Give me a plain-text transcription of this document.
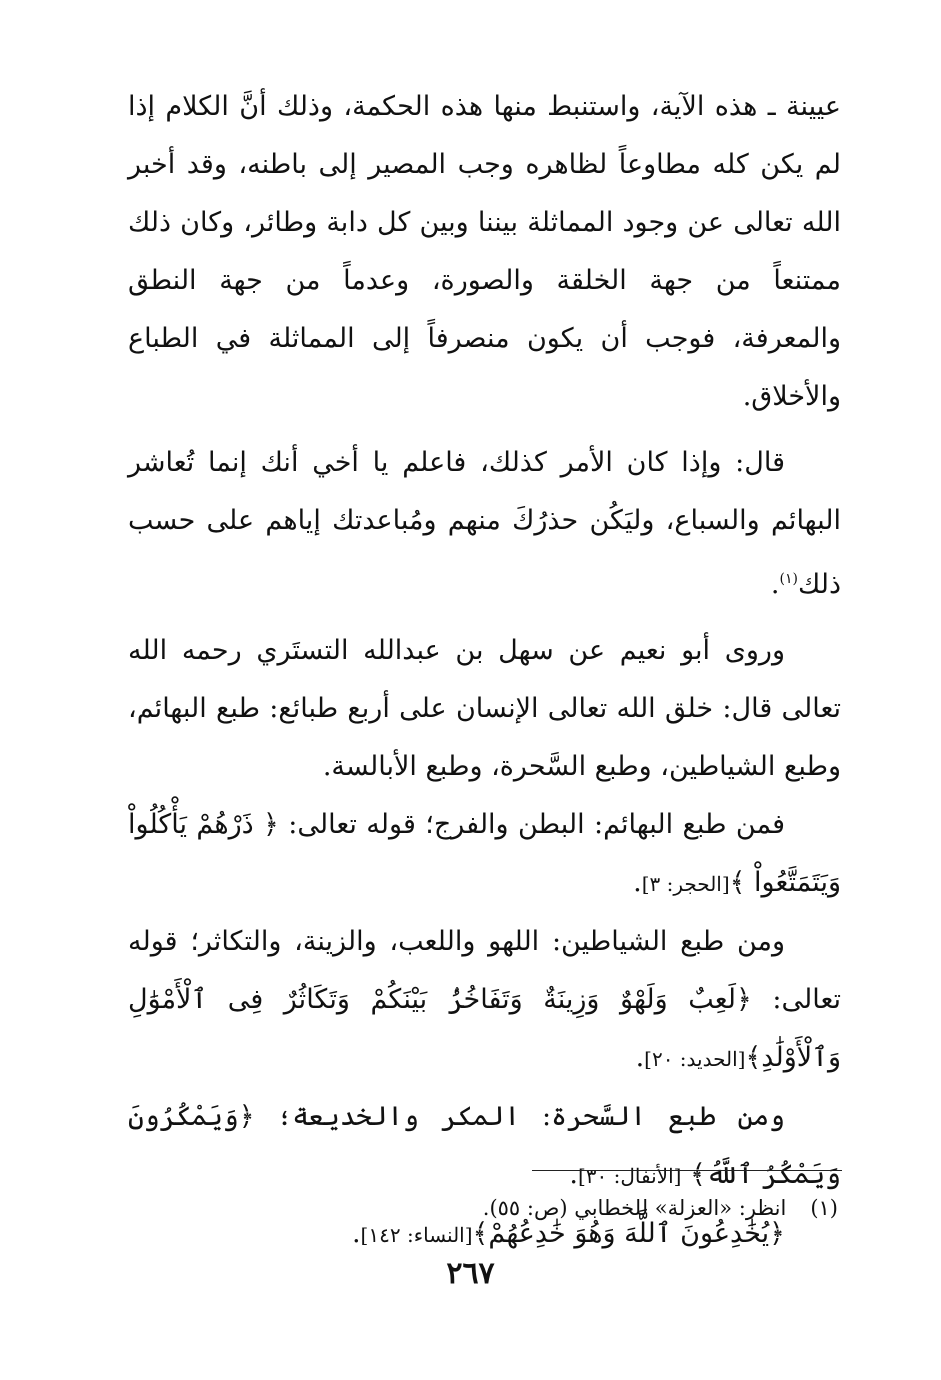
عيينة ـ هذه الآية، واستنبط منها هذه الحكمة، وذلك أنَّ الكلام إذا لم يكن كله مطاوعاً لظاهره وجب المصير إلى باطنه، وقد أخبر الله تعالى عن وجود المماثلة بيننا وبين كل دابة وطائر، وكان ذلك ممتنعاً من جهة الخلقة والصورة، وعدماً من جهة النطق والمعرفة، فوجب أن يكون منصرفاً إلى المماثلة في الطباع والأخلاق.

قال: وإذا كان الأمر كذلك، فاعلم يا أخي أنك إنما تُعاشر البهائم والسباع، وليَكُن حذرُكَ منهم ومُباعدتك إياهم على حسب ذلك$^{(١)}$.

وروى أبو نعيم عن سهل بن عبدالله التستَري رحمه الله تعالى قال: خلق الله تعالى الإنسان على أربع طبائع: طبع البهائم، وطبع الشياطين، وطبع السَّحرة، وطبع الأبالسة.

فمن طبع البهائم: البطن والفرج؛ قوله تعالى: ﴿ ذَرْهُمْ يَأْكُلُواْ وَيَتَمَتَّعُواْ ﴾[الحجر: ٣].

ومن طبع الشياطين: اللهو واللعب، والزينة، والتكاثر؛ قوله تعالى: ﴿لَعِبٌ وَلَهْوٌ وَزِينَةٌ وَتَفَاخُرُۢ بَيْنَكُمْ وَتَكَاثُرٌ فِى ٱلْأَمْوَٰلِ وَٱلْأَوْلَٰدِ﴾[الحديد: ٢٠].

ومن طبع السَّحرة: المكر والخديعة؛ ﴿وَيَمْكُرُونَ وَيَمْكُرُ ٱللَّهُ﴾ [الأنفال: ٣٠].

﴿يُخَٰدِعُونَ ٱللَّهَ وَهُوَ خَٰدِعُهُمْ﴾[النساء: ١٤٢].

(١)انظر: «العزلة» للخطابي (ص: ٥٥).
٢٦٧
